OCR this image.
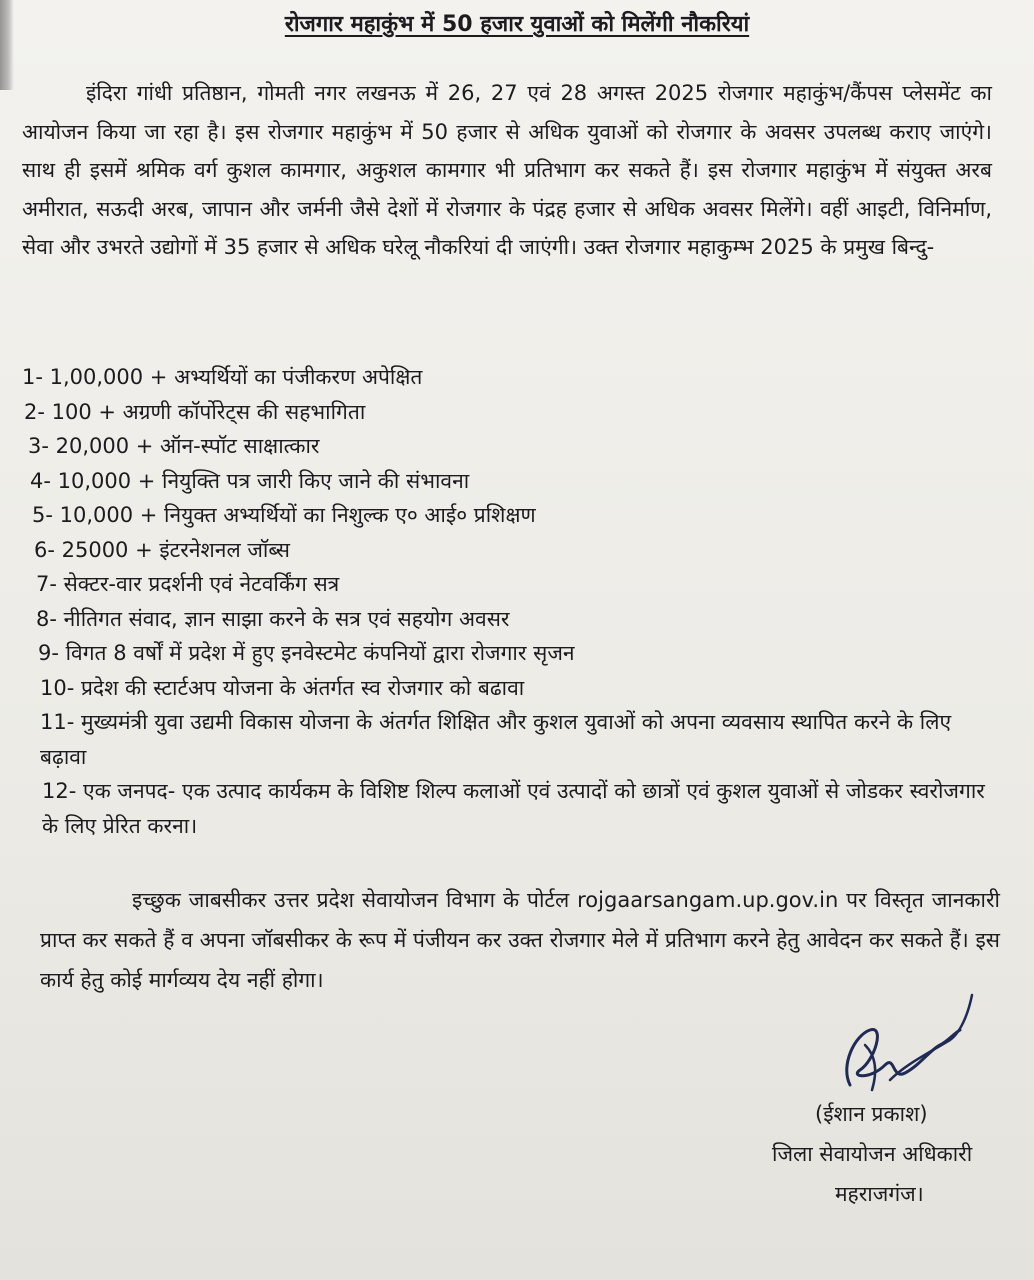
रोजगार महाकुंभ में 50 हजार युवाओं को मिलेंगी नौकरियां
इंदिरा गांधी प्रतिष्ठान, गोमती नगर लखनऊ में 26, 27 एवं 28 अगस्त 2025 रोजगार महाकुंभ/कैंपस प्लेसमेंट का आयोजन किया जा रहा है। इस रोजगार महाकुंभ में 50 हजार से अधिक युवाओं को रोजगार के अवसर उपलब्ध कराए जाएंगे। साथ ही इसमें श्रमिक वर्ग कुशल कामगार, अकुशल कामगार भी प्रतिभाग कर सकते हैं। इस रोजगार महाकुंभ में संयुक्त अरब अमीरात, सऊदी अरब, जापान और जर्मनी जैसे देशों में रोजगार के पंद्रह हजार से अधिक अवसर मिलेंगे। वहीं आइटी, विनिर्माण, सेवा और उभरते उद्योगों में 35 हजार से अधिक घरेलू नौकरियां दी जाएंगी। उक्त रोजगार महाकुम्भ 2025 के प्रमुख बिन्दु-
1- 1,00,000 + अभ्यर्थियों का पंजीकरण अपेक्षित
2- 100 + अग्रणी कॉर्पोरेट्स की सहभागिता
3- 20,000 + ऑन-स्पॉट साक्षात्कार
4- 10,000 + नियुक्ति पत्र जारी किए जाने की संभावना
5- 10,000 + नियुक्त अभ्यर्थियों का निशुल्क ए० आई० प्रशिक्षण
6- 25000 + इंटरनेशनल जॉब्स
7- सेक्टर-वार प्रदर्शनी एवं नेटवर्किंग सत्र
8- नीतिगत संवाद, ज्ञान साझा करने के सत्र एवं सहयोग अवसर
9- विगत 8 वर्षों में प्रदेश में हुए इनवेस्टमेट कंपनियों द्वारा रोजगार सृजन
10- प्रदेश की स्टार्टअप योजना के अंतर्गत स्व रोजगार को बढावा
11- मुख्यमंत्री युवा उद्यमी विकास योजना के अंतर्गत शिक्षित और कुशल युवाओं को अपना व्यवसाय स्थापित करने के लिए बढ़ावा
12- एक जनपद- एक उत्पाद कार्यकम के विशिष्ट शिल्प कलाओं एवं उत्पादों को छात्रों एवं कुशल युवाओं से जोडकर स्वरोजगार के लिए प्रेरित करना।
इच्छुक जाबसीकर उत्तर प्रदेश सेवायोजन विभाग के पोर्टल rojgaarsangam.up.gov.in पर विस्तृत जानकारी प्राप्त कर सकते हैं व अपना जॉबसीकर के रूप में पंजीयन कर उक्त रोजगार मेले में प्रतिभाग करने हेतु आवेदन कर सकते हैं। इस कार्य हेतु कोई मार्गव्यय देय नहीं होगा।
(ईशान प्रकाश)
जिला सेवायोजन अधिकारी
महराजगंज।
